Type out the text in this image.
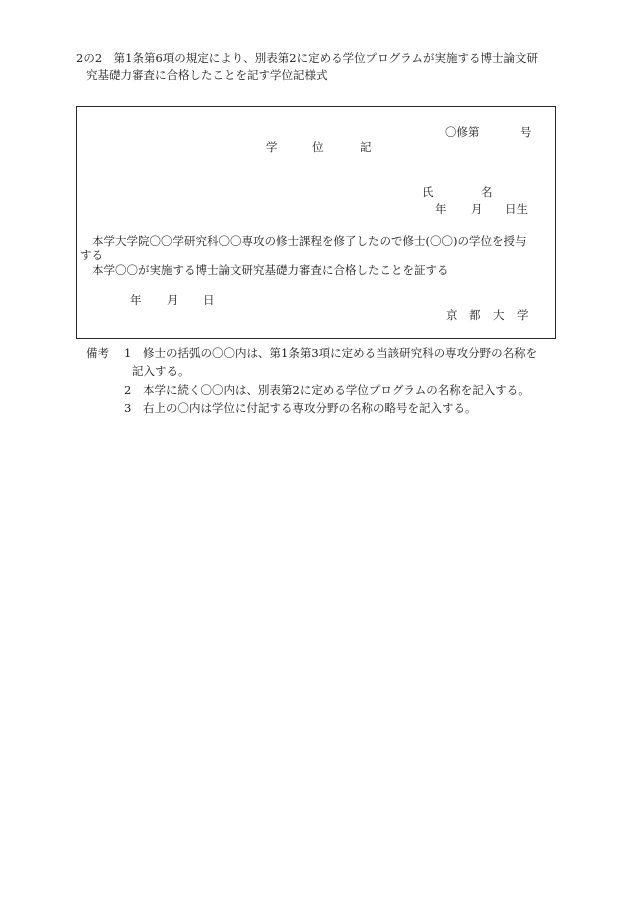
2の2　第1条第6項の規定により、別表第2に定める学位プログラムが実施する博士論文研
究基礎力審査に合格したことを記す学位記様式
〇修第	号
学	位	記
氏	名
年 月 日生
本学大学院〇〇学研究科〇〇専攻の修士課程を修了したので修士(〇〇)の学位を授与
する
本学〇〇が実施する博士論文研究基礎力審査に合格したことを証する
年 月 日
京 都 大 学
備考 1 修士の括弧の〇〇内は、第1条第3項に定める当該研究科の専攻分野の名称を
記入する。
2 本学に続く〇〇内は、別表第2に定める学位プログラムの名称を記入する。
3 右上の〇内は学位に付記する専攻分野の名称の略号を記入する。
